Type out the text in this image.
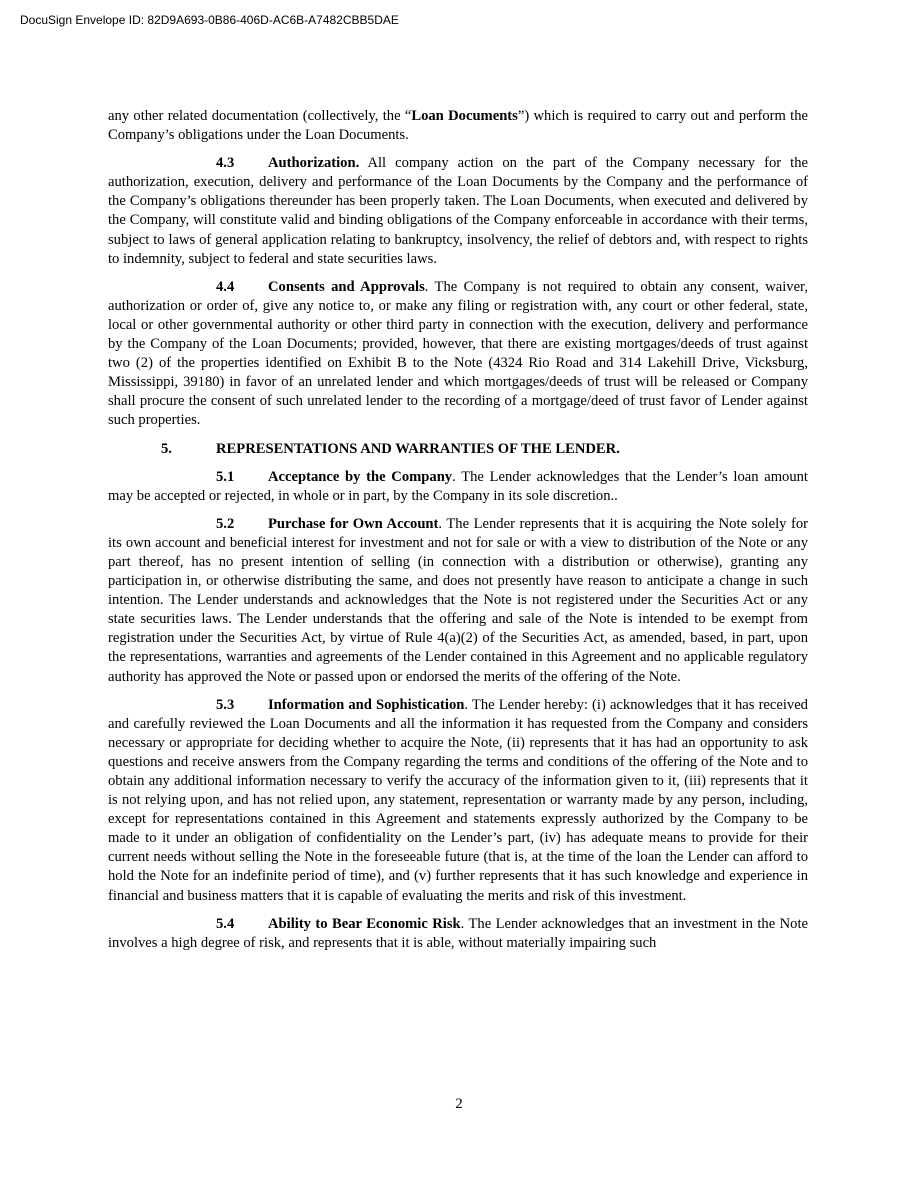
DocuSign Envelope ID: 82D9A693-0B86-406D-AC6B-A7482CBB5DAE

any other related documentation (collectively, the “Loan Documents”) which is required to carry out and perform the Company’s obligations under the Loan Documents.

4.3 Authorization. All company action on the part of the Company necessary for the authorization, execution, delivery and performance of the Loan Documents by the Company and the performance of the Company’s obligations thereunder has been properly taken. The Loan Documents, when executed and delivered by the Company, will constitute valid and binding obligations of the Company enforceable in accordance with their terms, subject to laws of general application relating to bankruptcy, insolvency, the relief of debtors and, with respect to rights to indemnity, subject to federal and state securities laws.

4.4 Consents and Approvals. The Company is not required to obtain any consent, waiver, authorization or order of, give any notice to, or make any filing or registration with, any court or other federal, state, local or other governmental authority or other third party in connection with the execution, delivery and performance by the Company of the Loan Documents; provided, however, that there are existing mortgages/deeds of trust against two (2) of the properties identified on Exhibit B to the Note (4324 Rio Road and 314 Lakehill Drive, Vicksburg, Mississippi, 39180) in favor of an unrelated lender and which mortgages/deeds of trust will be released or Company shall procure the consent of such unrelated lender to the recording of a mortgage/deed of trust favor of Lender against such properties.

5.	REPRESENTATIONS AND WARRANTIES OF THE LENDER.

5.1 Acceptance by the Company. The Lender acknowledges that the Lender’s loan amount may be accepted or rejected, in whole or in part, by the Company in its sole discretion..

5.2 Purchase for Own Account. The Lender represents that it is acquiring the Note solely for its own account and beneficial interest for investment and not for sale or with a view to distribution of the Note or any part thereof, has no present intention of selling (in connection with a distribution or otherwise), granting any participation in, or otherwise distributing the same, and does not presently have reason to anticipate a change in such intention. The Lender understands and acknowledges that the Note is not registered under the Securities Act or any state securities laws. The Lender understands that the offering and sale of the Note is intended to be exempt from registration under the Securities Act, by virtue of Rule 4(a)(2) of the Securities Act, as amended, based, in part, upon the representations, warranties and agreements of the Lender contained in this Agreement and no applicable regulatory authority has approved the Note or passed upon or endorsed the merits of the offering of the Note.

5.3 Information and Sophistication. The Lender hereby: (i) acknowledges that it has received and carefully reviewed the Loan Documents and all the information it has requested from the Company and considers necessary or appropriate for deciding whether to acquire the Note, (ii) represents that it has had an opportunity to ask questions and receive answers from the Company regarding the terms and conditions of the offering of the Note and to obtain any additional information necessary to verify the accuracy of the information given to it, (iii) represents that it is not relying upon, and has not relied upon, any statement, representation or warranty made by any person, including, except for representations contained in this Agreement and statements expressly authorized by the Company to be made to it under an obligation of confidentiality on the Lender’s part, (iv) has adequate means to provide for their current needs without selling the Note in the foreseeable future (that is, at the time of the loan the Lender can afford to hold the Note for an indefinite period of time), and (v) further represents that it has such knowledge and experience in financial and business matters that it is capable of evaluating the merits and risk of this investment.

5.4 Ability to Bear Economic Risk. The Lender acknowledges that an investment in the Note involves a high degree of risk, and represents that it is able, without materially impairing such

2
